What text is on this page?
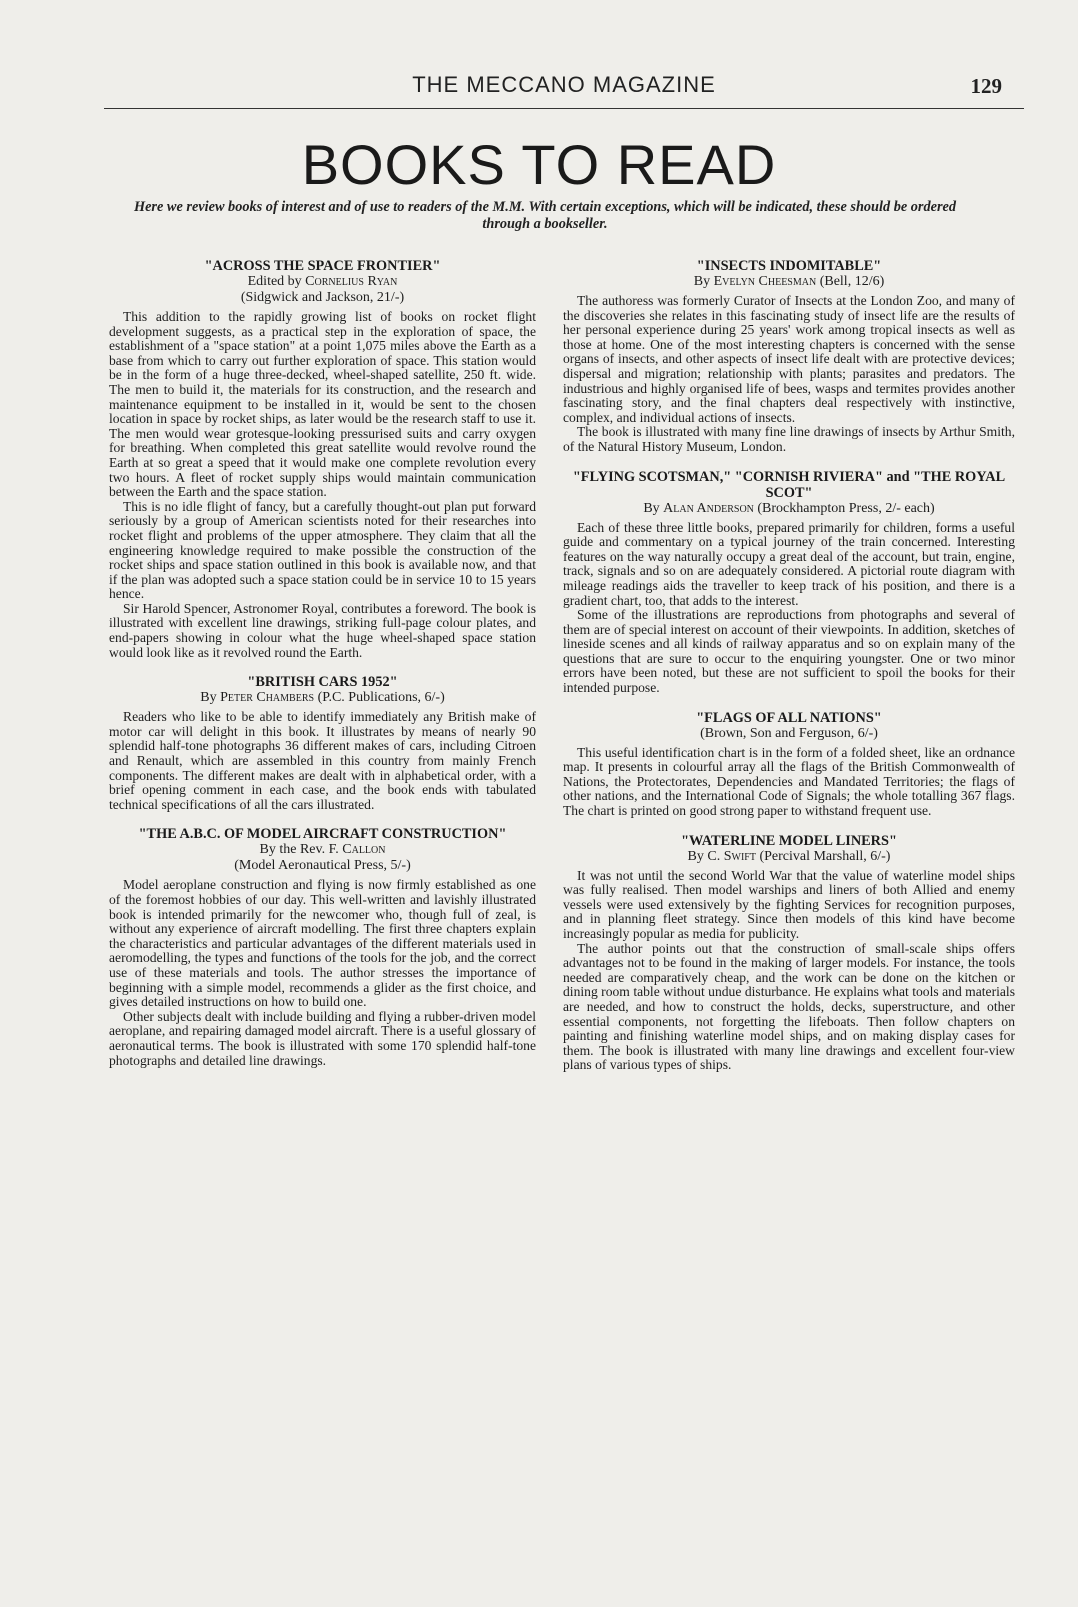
THE MECCANO MAGAZINE	129
BOOKS TO READ
Here we review books of interest and of use to readers of the M.M. With certain exceptions, which will be indicated, these should be ordered through a bookseller.
"ACROSS THE SPACE FRONTIER"
Edited by Cornelius Ryan
(Sidgwick and Jackson, 21/-)

This addition to the rapidly growing list of books on rocket flight development suggests, as a practical step in the exploration of space, the establishment of a "space station" at a point 1,075 miles above the Earth as a base from which to carry out further exploration of space. This station would be in the form of a huge three-decked, wheel-shaped satellite, 250 ft. wide. The men to build it, the materials for its construction, and the research and maintenance equipment to be installed in it, would be sent to the chosen location in space by rocket ships, as later would be the research staff to use it. The men would wear grotesque-looking pressurised suits and carry oxygen for breathing. When completed this great satellite would revolve round the Earth at so great a speed that it would make one complete revolution every two hours. A fleet of rocket supply ships would maintain communication between the Earth and the space station.

This is no idle flight of fancy, but a carefully thought-out plan put forward seriously by a group of American scientists noted for their researches into rocket flight and problems of the upper atmosphere. They claim that all the engineering knowledge required to make possible the construction of the rocket ships and space station outlined in this book is available now, and that if the plan was adopted such a space station could be in service 10 to 15 years hence.

Sir Harold Spencer, Astronomer Royal, contributes a foreword. The book is illustrated with excellent line drawings, striking full-page colour plates, and end-papers showing in colour what the huge wheel-shaped space station would look like as it revolved round the Earth.

"BRITISH CARS 1952"
By Peter Chambers (P.C. Publications, 6/-)

Readers who like to be able to identify immediately any British make of motor car will delight in this book. It illustrates by means of nearly 90 splendid half-tone photographs 36 different makes of cars, including Citroen and Renault, which are assembled in this country from mainly French components. The different makes are dealt with in alphabetical order, with a brief opening comment in each case, and the book ends with tabulated technical specifications of all the cars illustrated.

"THE A.B.C. OF MODEL AIRCRAFT CONSTRUCTION"
By the Rev. F. Callon
(Model Aeronautical Press, 5/-)

Model aeroplane construction and flying is now firmly established as one of the foremost hobbies of our day. This well-written and lavishly illustrated book is intended primarily for the newcomer who, though full of zeal, is without any experience of aircraft modelling. The first three chapters explain the characteristics and particular advantages of the different materials used in aeromodelling, the types and functions of the tools for the job, and the correct use of these materials and tools. The author stresses the importance of beginning with a simple model, recommends a glider as the first choice, and gives detailed instructions on how to build one.

Other subjects dealt with include building and flying a rubber-driven model aeroplane, and repairing damaged model aircraft. There is a useful glossary of aeronautical terms. The book is illustrated with some 170 splendid half-tone photographs and detailed line drawings.

"INSECTS INDOMITABLE"
By Evelyn Cheesman (Bell, 12/6)

The authoress was formerly Curator of Insects at the London Zoo, and many of the discoveries she relates in this fascinating study of insect life are the results of her personal experience during 25 years' work among tropical insects as well as those at home. One of the most interesting chapters is concerned with the sense organs of insects, and other aspects of insect life dealt with are protective devices; dispersal and migration; relationship with plants; parasites and predators. The industrious and highly organised life of bees, wasps and termites provides another fascinating story, and the final chapters deal respectively with instinctive, complex, and individual actions of insects.

The book is illustrated with many fine line drawings of insects by Arthur Smith, of the Natural History Museum, London.

"FLYING SCOTSMAN," "CORNISH RIVIERA" and "THE ROYAL SCOT"
By Alan Anderson (Brockhampton Press, 2/- each)

Each of these three little books, prepared primarily for children, forms a useful guide and commentary on a typical journey of the train concerned. Interesting features on the way naturally occupy a great deal of the account, but train, engine, track, signals and so on are adequately considered. A pictorial route diagram with mileage readings aids the traveller to keep track of his position, and there is a gradient chart, too, that adds to the interest.

Some of the illustrations are reproductions from photographs and several of them are of special interest on account of their viewpoints. In addition, sketches of lineside scenes and all kinds of railway apparatus and so on explain many of the questions that are sure to occur to the enquiring youngster. One or two minor errors have been noted, but these are not sufficient to spoil the books for their intended purpose.

"FLAGS OF ALL NATIONS"
(Brown, Son and Ferguson, 6/-)

This useful identification chart is in the form of a folded sheet, like an ordnance map. It presents in colourful array all the flags of the British Commonwealth of Nations, the Protectorates, Dependencies and Mandated Territories; the flags of other nations, and the International Code of Signals; the whole totalling 367 flags. The chart is printed on good strong paper to withstand frequent use.

"WATERLINE MODEL LINERS"
By C. Swift (Percival Marshall, 6/-)

It was not until the second World War that the value of waterline model ships was fully realised. Then model warships and liners of both Allied and enemy vessels were used extensively by the fighting Services for recognition purposes, and in planning fleet strategy. Since then models of this kind have become increasingly popular as media for publicity.

The author points out that the construction of small-scale ships offers advantages not to be found in the making of larger models. For instance, the tools needed are comparatively cheap, and the work can be done on the kitchen or dining room table without undue disturbance. He explains what tools and materials are needed, and how to construct the holds, decks, superstructure, and other essential components, not forgetting the lifeboats. Then follow chapters on painting and finishing waterline model ships, and on making display cases for them. The book is illustrated with many line drawings and excellent four-view plans of various types of ships.
